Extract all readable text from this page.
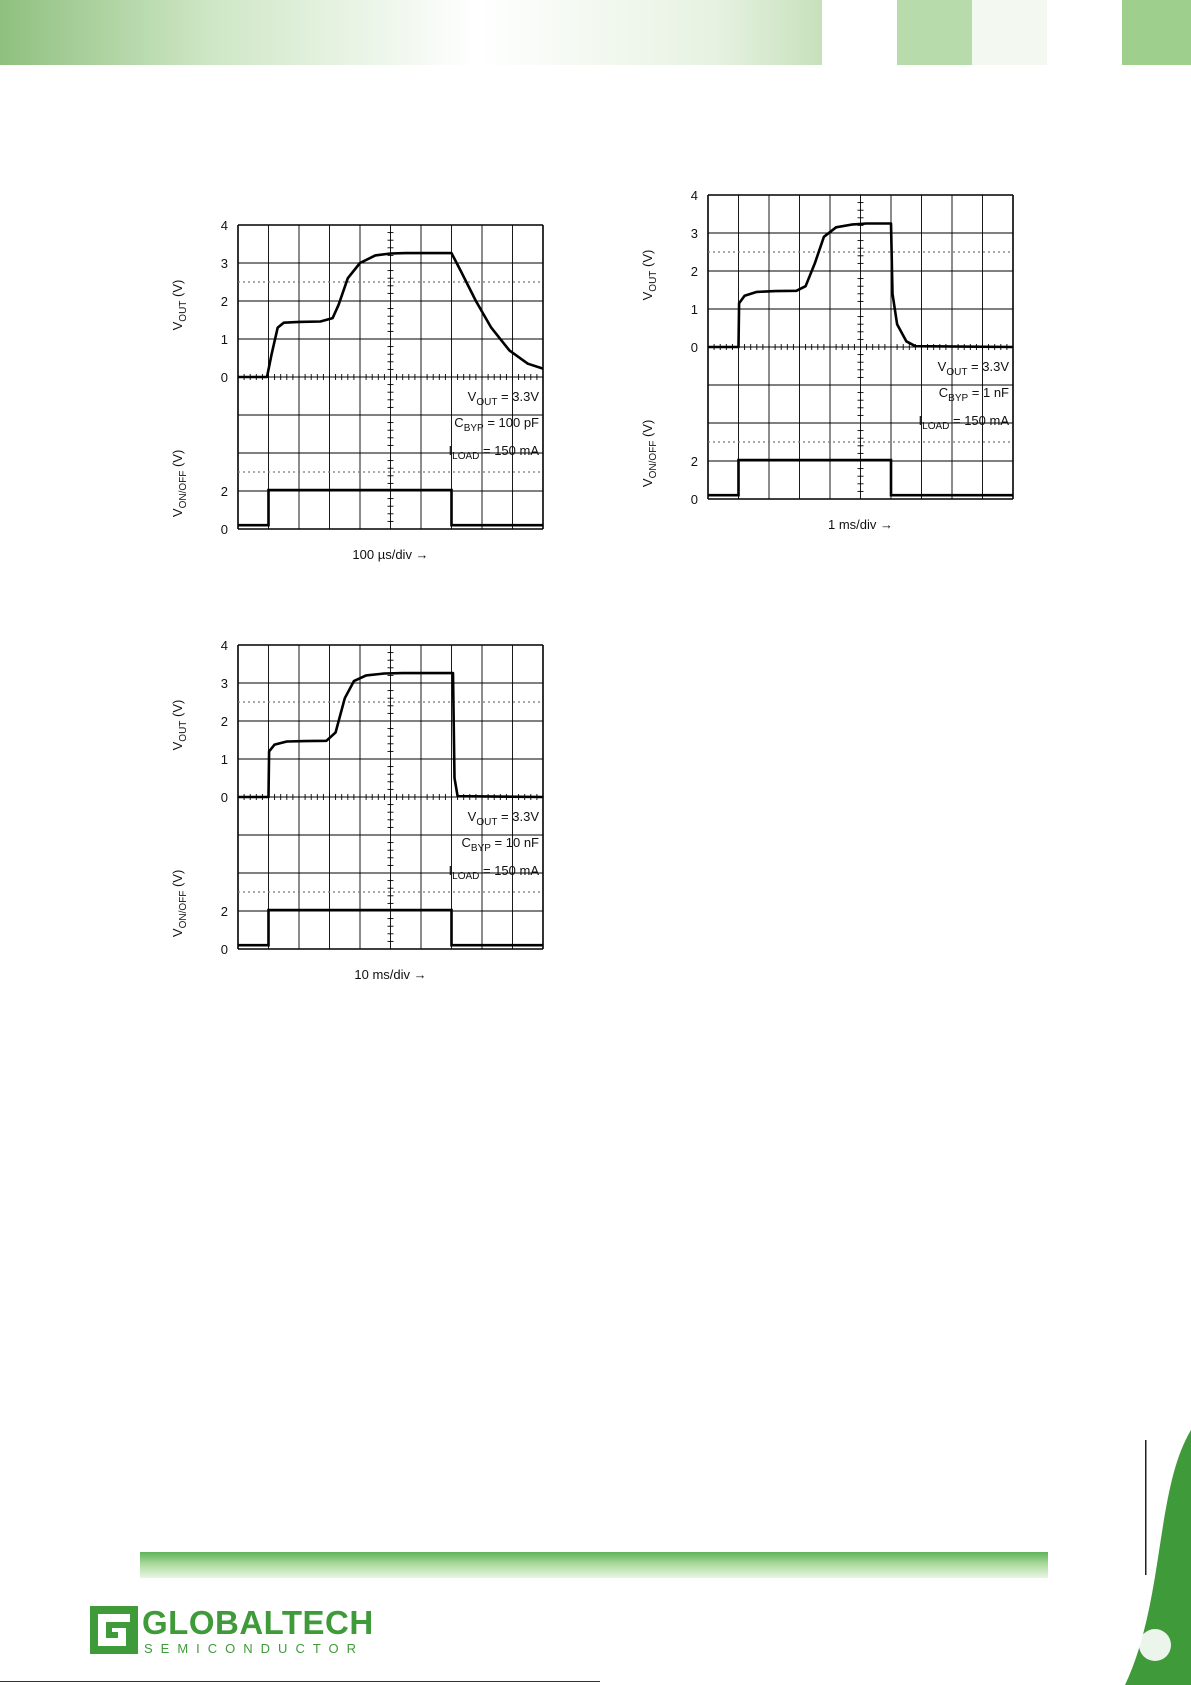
4
3
2
1
0
2
0
$V_{OUT}$ (V)
$V_{ON/OFF}$ (V)
100 µs/div →
$V_{OUT} = 3.3V$
$C_{BYP} = 100$ pF
$I_{LOAD} = 150$ mA
4
3
2
1
0
2
0
$V_{OUT}$ (V)
$V_{ON/OFF}$ (V)
1 ms/div →
$V_{OUT} = 3.3V$
$C_{BYP} = 1$ nF
$I_{LOAD} = 150$ mA
4
3
2
1
0
2
0
$V_{OUT}$ (V)
$V_{ON/OFF}$ (V)
10 ms/div →
$V_{OUT} = 3.3V$
$C_{BYP} = 10$ nF
$I_{LOAD} = 150$ mA
GLOBALTECH
SEMICONDUCTOR
